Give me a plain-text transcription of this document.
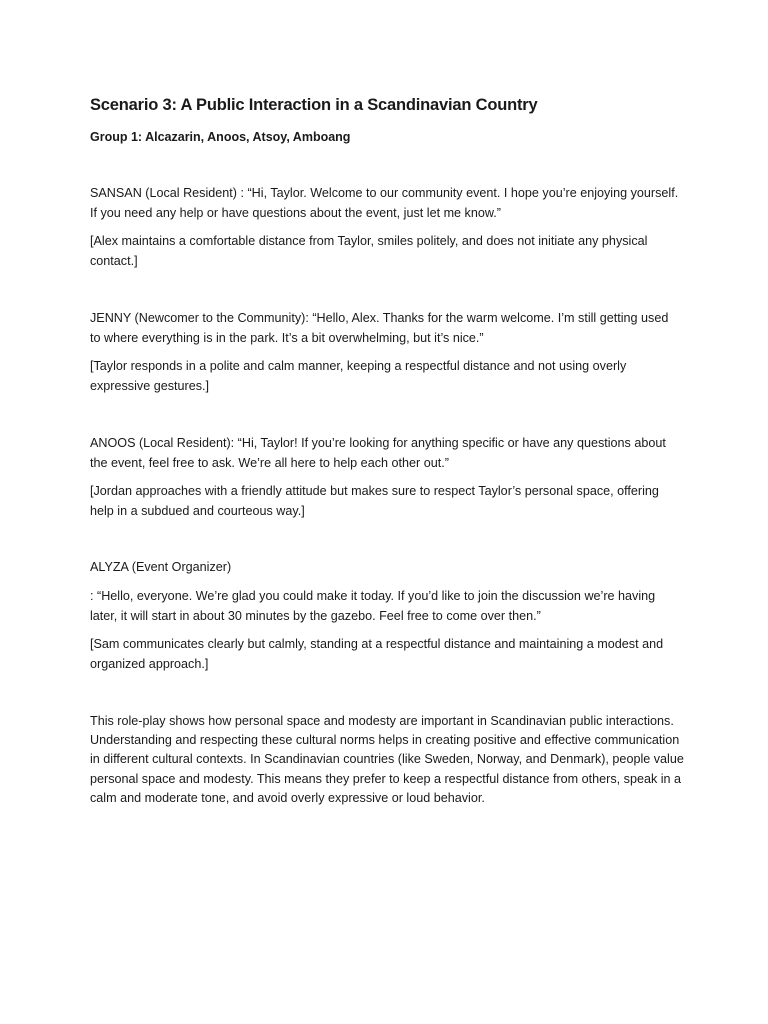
Scenario 3: A Public Interaction in a Scandinavian Country

Group 1: Alcazarin, Anoos, Atsoy, Amboang

SANSAN (Local Resident) : “Hi, Taylor. Welcome to our community event. I hope you’re enjoying yourself. If you need any help or have questions about the event, just let me know.”

[Alex maintains a comfortable distance from Taylor, smiles politely, and does not initiate any physical contact.]

JENNY (Newcomer to the Community): “Hello, Alex. Thanks for the warm welcome. I’m still getting used to where everything is in the park. It’s a bit overwhelming, but it’s nice.”

[Taylor responds in a polite and calm manner, keeping a respectful distance and not using overly expressive gestures.]

ANOOS (Local Resident): “Hi, Taylor! If you’re looking for anything specific or have any questions about the event, feel free to ask. We’re all here to help each other out.”

[Jordan approaches with a friendly attitude but makes sure to respect Taylor’s personal space, offering help in a subdued and courteous way.]

ALYZA (Event Organizer)

: “Hello, everyone. We’re glad you could make it today. If you’d like to join the discussion we’re having later, it will start in about 30 minutes by the gazebo. Feel free to come over then.”

[Sam communicates clearly but calmly, standing at a respectful distance and maintaining a modest and organized approach.]

This role-play shows how personal space and modesty are important in Scandinavian public interactions. Understanding and respecting these cultural norms helps in creating positive and effective communication in different cultural contexts. In Scandinavian countries (like Sweden, Norway, and Denmark), people value personal space and modesty. This means they prefer to keep a respectful distance from others, speak in a calm and moderate tone, and avoid overly expressive or loud behavior.
